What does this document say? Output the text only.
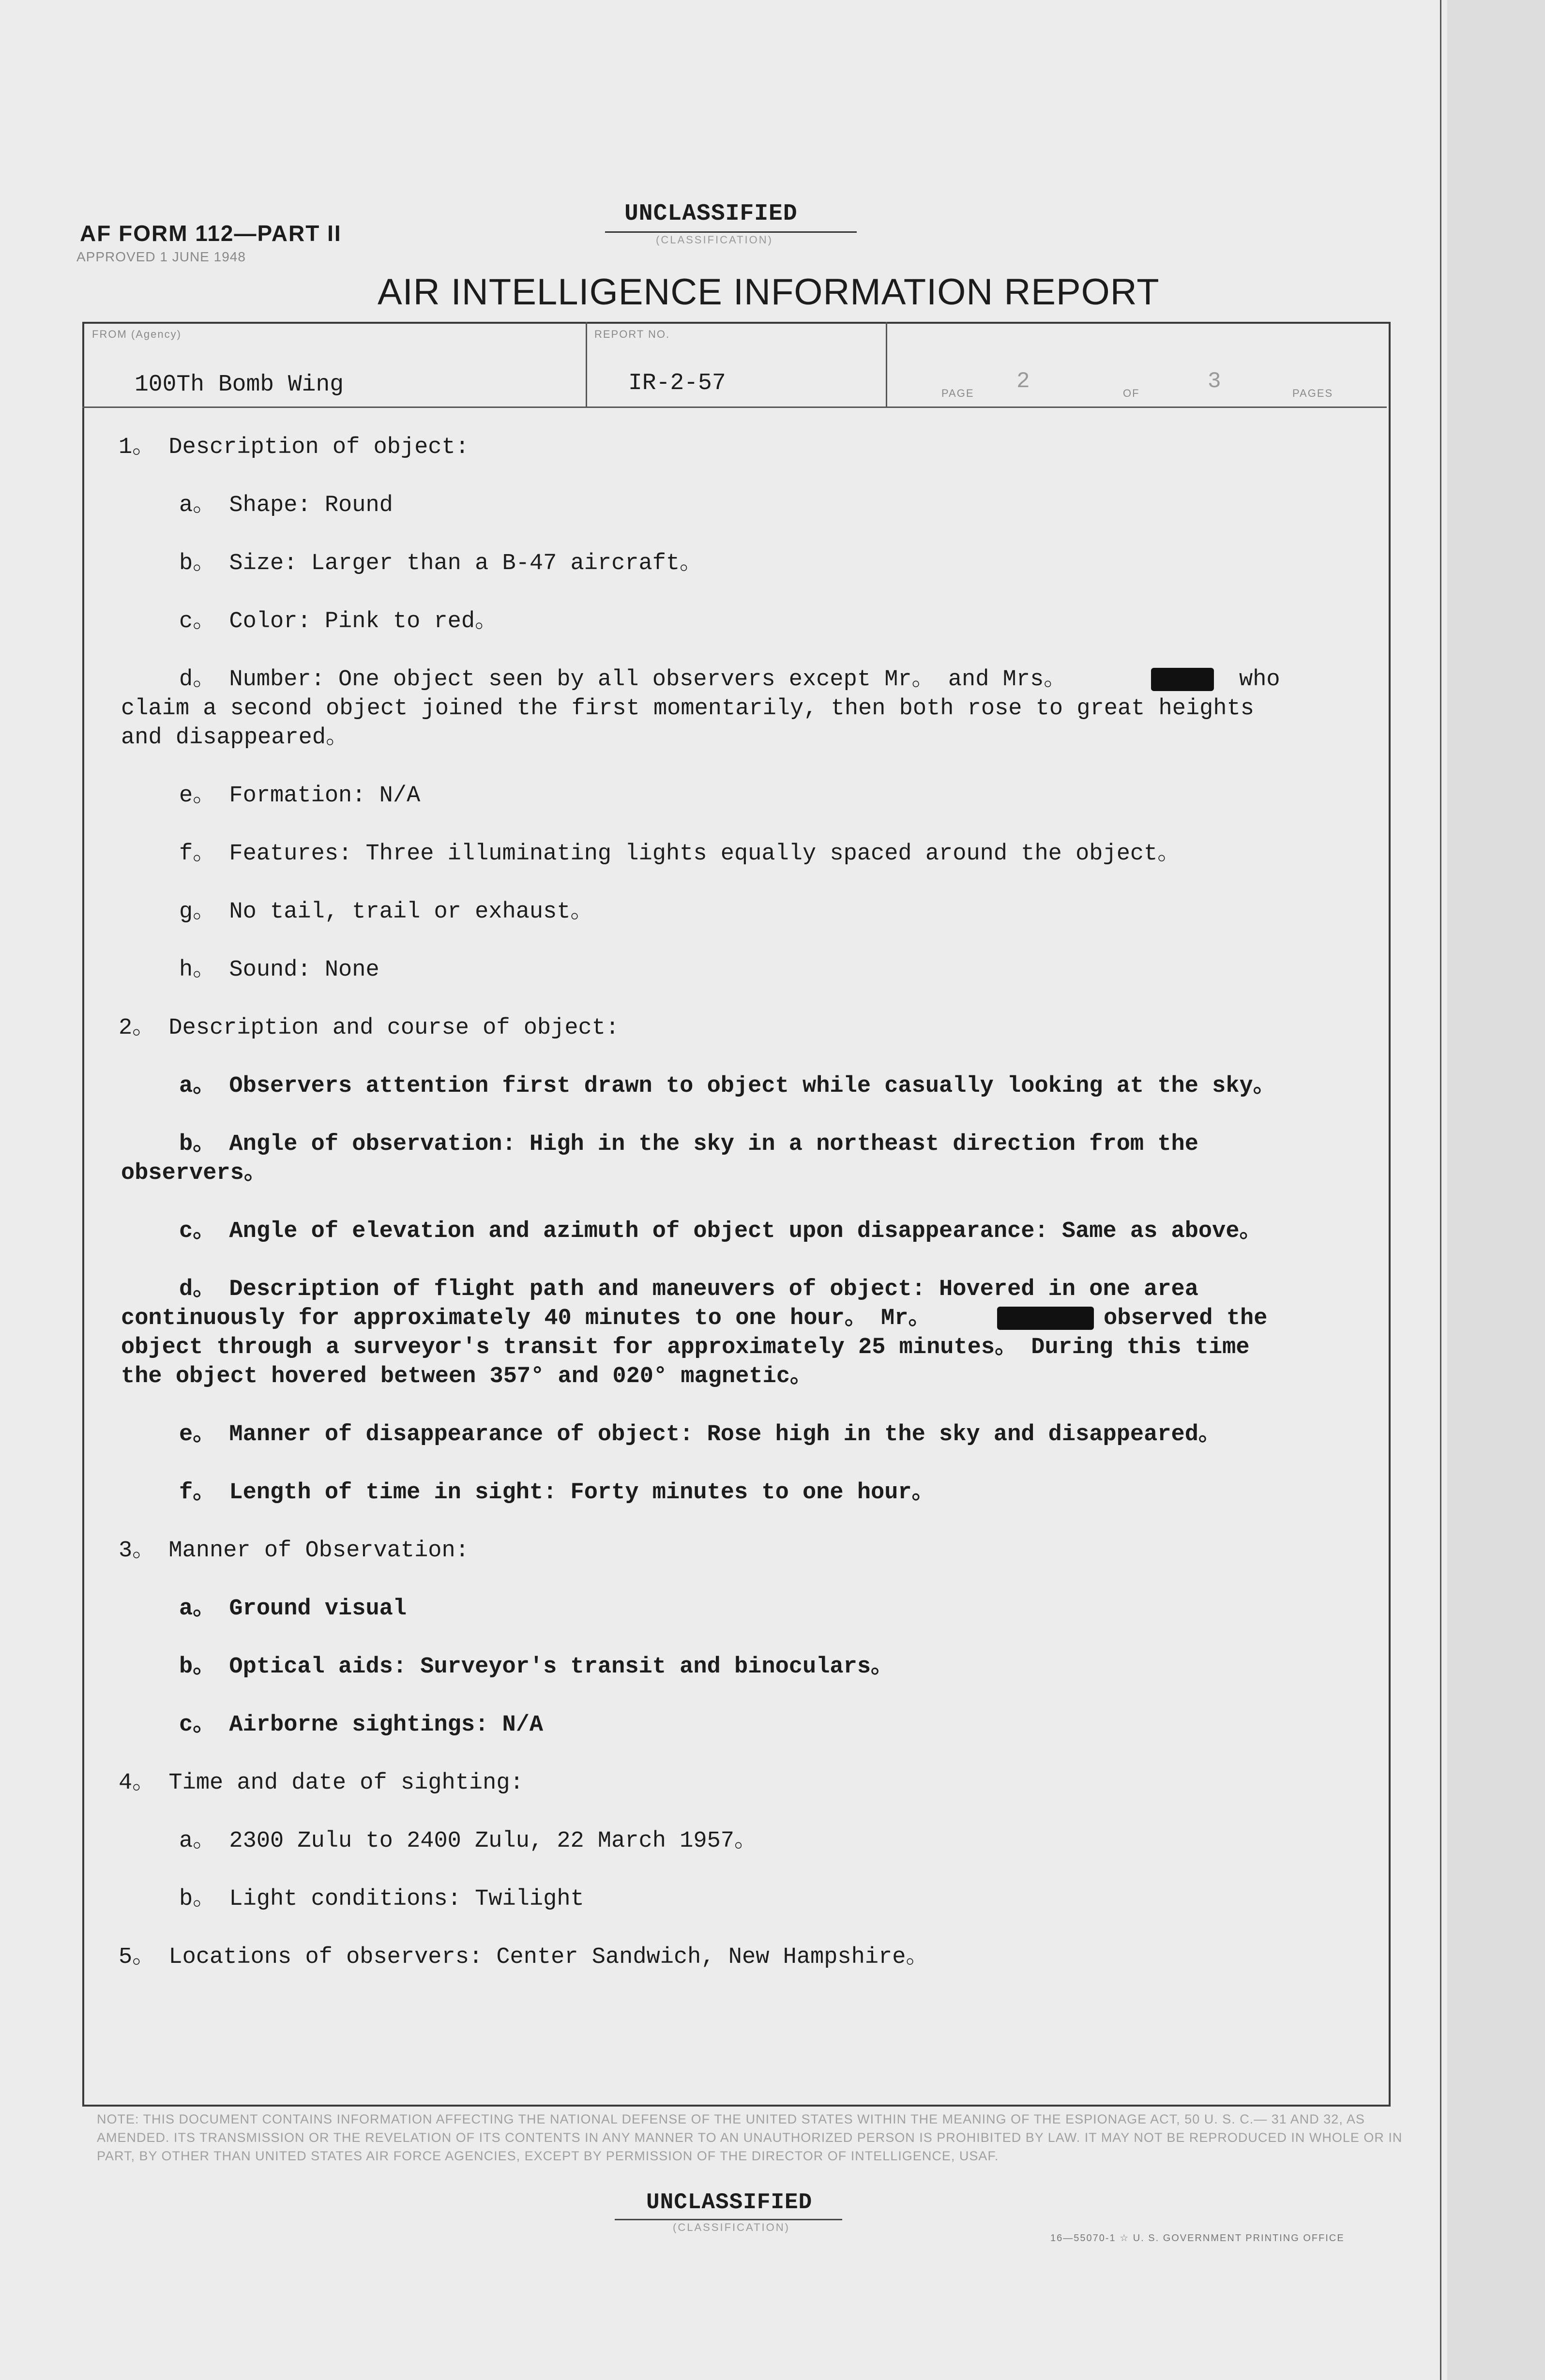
AF FORM 112—PART II
APPROVED 1 JUNE 1948
UNCLASSIFIED
(CLASSIFICATION)
AIR INTELLIGENCE INFORMATION REPORT
FROM (Agency)
100Th Bomb Wing
REPORT NO.
IR-2-57	PAGE 2	OF	3	PAGES
1。 Description of object:
a。 Shape: Round
b。 Size: Larger than a B-47 aircraft。
c。 Color: Pink to red。
d。 Number: One object seen by all observers except Mr。 and Mrs。	who
claim a second object joined the first momentarily, then both rose to great heights
and disappeared。
e。 Formation: N/A
f。 Features: Three illuminating lights equally spaced around the object。
g。 No tail, trail or exhaust。
h。 Sound: None
2。 Description and course of object:
a。 Observers attention first drawn to object while casually looking at the sky。
b。 Angle of observation: High in the sky in a northeast direction from the
observers。
c。 Angle of elevation and azimuth of object upon disappearance: Same as above。
d。 Description of flight path and maneuvers of object: Hovered in one area
continuously for approximately 40 minutes to one hour。 Mr。	observed the
object through a surveyor's transit for approximately 25 minutes。 During this time
the object hovered between 357° and 020° magnetic。
e。 Manner of disappearance of object: Rose high in the sky and disappeared。
f。 Length of time in sight: Forty minutes to one hour。
3。 Manner of Observation:
a。 Ground visual
b。 Optical aids: Surveyor's transit and binoculars。
c。 Airborne sightings: N/A
4。 Time and date of sighting:
a。 2300 Zulu to 2400 Zulu, 22 March 1957。
b。 Light conditions: Twilight
5。 Locations of observers: Center Sandwich, New Hampshire。
NOTE: THIS DOCUMENT CONTAINS INFORMATION AFFECTING THE NATIONAL DEFENSE OF THE UNITED STATES WITHIN THE MEANING OF THE ESPIONAGE ACT, 50 U. S. C.— 31 AND 32, AS AMENDED. ITS TRANSMISSION OR THE REVELATION OF ITS CONTENTS IN ANY MANNER TO AN UNAUTHORIZED PERSON IS PROHIBITED BY LAW. IT MAY NOT BE REPRODUCED IN WHOLE OR IN PART, BY OTHER THAN UNITED STATES AIR FORCE AGENCIES, EXCEPT BY PERMISSION OF THE DIRECTOR OF INTELLIGENCE, USAF.
UNCLASSIFIED
(CLASSIFICATION)
16—55070-1 ☆ U. S. GOVERNMENT PRINTING OFFICE
